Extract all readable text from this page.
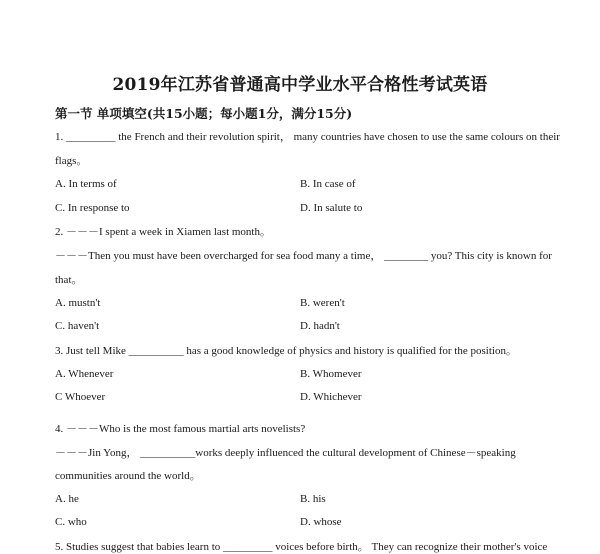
2019年江苏省普通高中学业水平合格性考试英语
第一节 单项填空(共15小题；每小题1分，满分15分)
1. _________ the French and their revolution spirit， many countries have chosen to use the same colours on their
flags。
A. In terms of	B. In case of
C. In response to	D. In salute to
2. －－－I spent a week in Xiamen last month。
－－－Then you must have been overcharged for sea food many a time， ________ you? This city is known for
that。
A. mustn't	B. weren't
C. haven't	D. hadn't
3. Just tell Mike __________ has a good knowledge of physics and history is qualified for the position。
A. Whenever	B. Whomever
C Whoever	D. Whichever
4. －－－Who is the most famous martial arts novelists?
－－－Jin Yong， __________works deeply influenced the cultural development of Chinese－speaking
communities around the world。
A. he	B. his
C. who	D. whose
5. Studies suggest that babies learn to _________ voices before birth。 They can recognize their mother's voice
